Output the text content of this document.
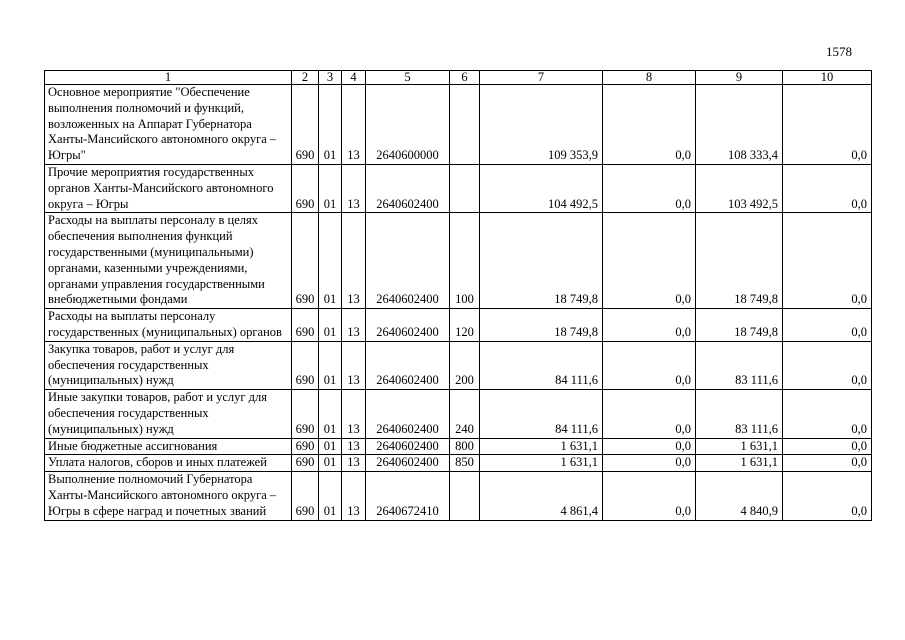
1578
1	2	3	4	5	6	7	8	9	10
Основное мероприятие "Обеспечение выполнения полномочий и функций, возложенных на Аппарат Губернатора Ханты-Мансийского автономного округа – Югры"	690	01	13	2640600000		109 353,9	0,0	108 333,4	0,0
Прочие мероприятия государственных органов Ханты-Мансийского автономного округа – Югры	690	01	13	2640602400		104 492,5	0,0	103 492,5	0,0
Расходы на выплаты персоналу в целях обеспечения выполнения функций государственными (муниципальными) органами, казенными учреждениями, органами управления государственными внебюджетными фондами	690	01	13	2640602400	100	18 749,8	0,0	18 749,8	0,0
Расходы на выплаты персоналу государственных (муниципальных) органов	690	01	13	2640602400	120	18 749,8	0,0	18 749,8	0,0
Закупка товаров, работ и услуг для обеспечения государственных (муниципальных) нужд	690	01	13	2640602400	200	84 111,6	0,0	83 111,6	0,0
Иные закупки товаров, работ и услуг для обеспечения государственных (муниципальных) нужд	690	01	13	2640602400	240	84 111,6	0,0	83 111,6	0,0
Иные бюджетные ассигнования	690	01	13	2640602400	800	1 631,1	0,0	1 631,1	0,0
Уплата налогов, сборов и иных платежей	690	01	13	2640602400	850	1 631,1	0,0	1 631,1	0,0
Выполнение полномочий Губернатора Ханты-Мансийского автономного округа – Югры в сфере наград и почетных званий	690	01	13	2640672410		4 861,4	0,0	4 840,9	0,0
